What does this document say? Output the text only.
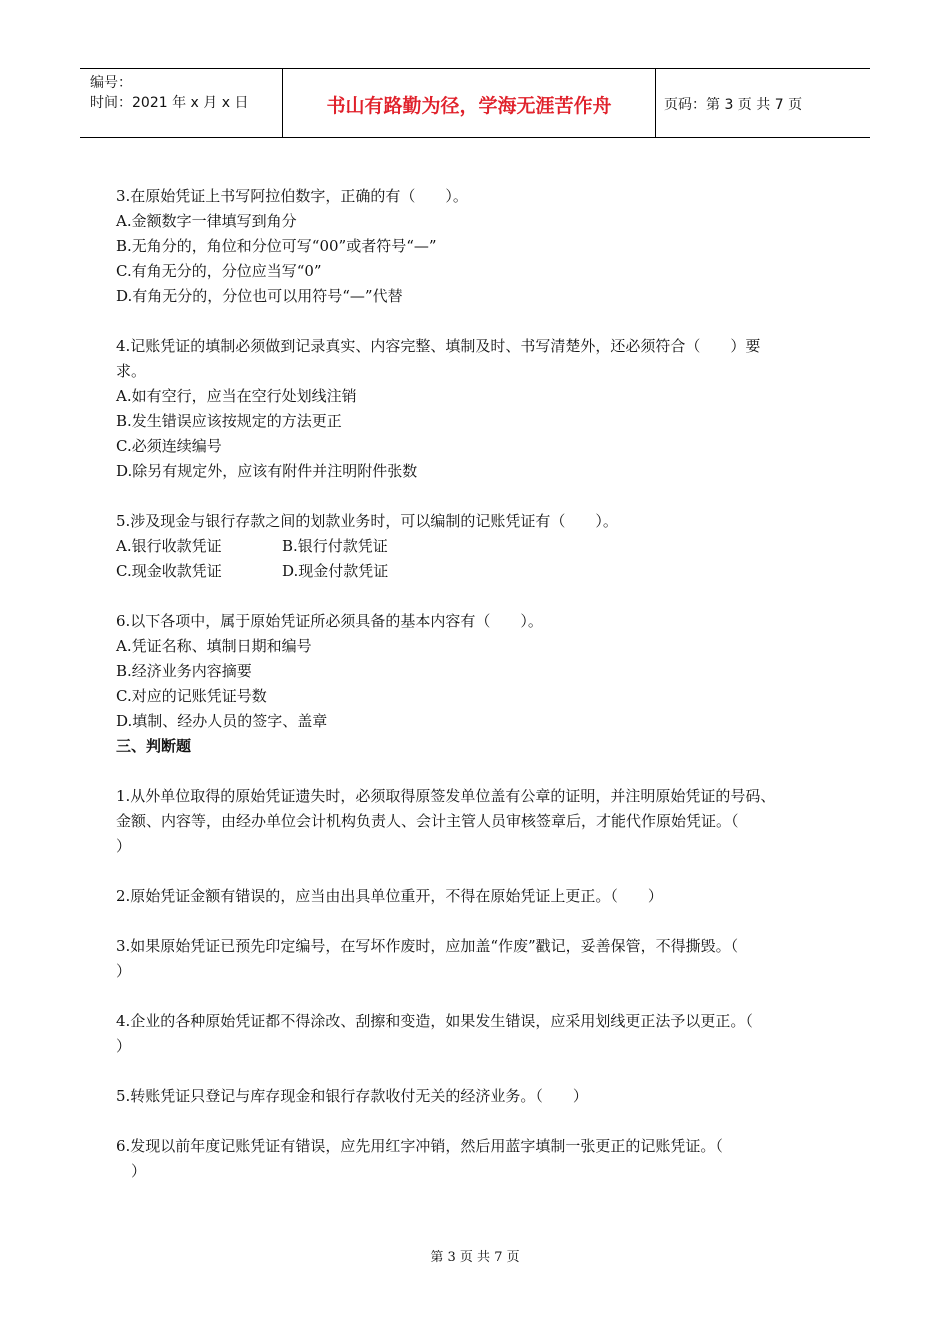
编号：
时间：2021 年 x 月 x 日	书山有路勤为径，学海无涯苦作舟	页码：第 3 页 共 7 页

3.在原始凭证上书写阿拉伯数字，正确的有（　　）。

A.金额数字一律填写到角分

B.无角分的，角位和分位可写“00”或者符号“—”

C.有角无分的，分位应当写“0”

D.有角无分的，分位也可以用符号“—”代替

4.记账凭证的填制必须做到记录真实、内容完整、填制及时、书写清楚外，还必须符合（　　）要

求。

A.如有空行，应当在空行处划线注销

B.发生错误应该按规定的方法更正

C.必须连续编号

D.除另有规定外，应该有附件并注明附件张数

5.涉及现金与银行存款之间的划款业务时，可以编制的记账凭证有（　　）。

A.银行收款凭证	B.银行付款凭证
C.现金收款凭证	D.现金付款凭证

6.以下各项中，属于原始凭证所必须具备的基本内容有（　　）。

A.凭证名称、填制日期和编号

B.经济业务内容摘要

C.对应的记账凭证号数

D.填制、经办人员的签字、盖章

三、判断题

1.从外单位取得的原始凭证遗失时，必须取得原签发单位盖有公章的证明，并注明原始凭证的号码、

金额、内容等，由经办单位会计机构负责人、会计主管人员审核签章后，才能代作原始凭证。（

）

2.原始凭证金额有错误的，应当由出具单位重开，不得在原始凭证上更正。（　　）

3.如果原始凭证已预先印定编号，在写坏作废时，应加盖“作废”戳记，妥善保管，不得撕毁。（

）

4.企业的各种原始凭证都不得涂改、刮擦和变造，如果发生错误，应采用划线更正法予以更正。（

）

5.转账凭证只登记与库存现金和银行存款收付无关的经济业务。（　　）

6.发现以前年度记账凭证有错误，应先用红字冲销，然后用蓝字填制一张更正的记账凭证。（

　）

第 3 页 共 7 页
